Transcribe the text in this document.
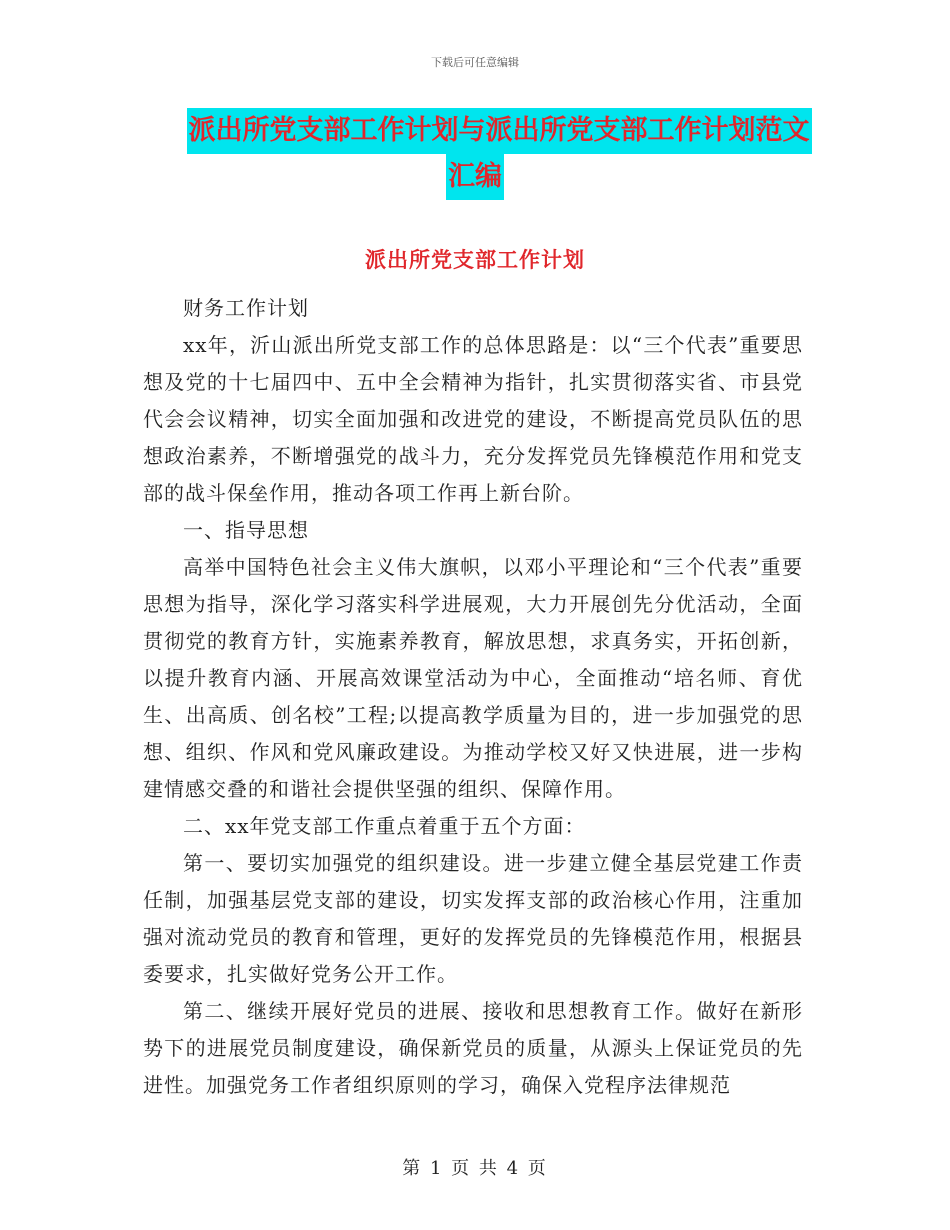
下载后可任意编辑
派出所党支部工作计划与派出所党支部工作计划范文
汇编
派出所党支部工作计划

财务工作计划

xx年，沂山派出所党支部工作的总体思路是：以“三个代表”重要思想及党的十七届四中、五中全会精神为指针，扎实贯彻落实省、市县党代会会议精神，切实全面加强和改进党的建设，不断提高党员队伍的思想政治素养，不断增强党的战斗力，充分发挥党员先锋模范作用和党支部的战斗保垒作用，推动各项工作再上新台阶。

一、指导思想

高举中国特色社会主义伟大旗帜，以邓小平理论和“三个代表”重要思想为指导，深化学习落实科学进展观，大力开展创先分优活动，全面贯彻党的教育方针，实施素养教育，解放思想，求真务实，开拓创新，以提升教育内涵、开展高效课堂活动为中心，全面推动“培名师、育优生、出高质、创名校”工程;以提高教学质量为目的，进一步加强党的思想、组织、作风和党风廉政建设。为推动学校又好又快进展，进一步构建情感交叠的和谐社会提供坚强的组织、保障作用。

二、xx年党支部工作重点着重于五个方面：

第一、要切实加强党的组织建设。进一步建立健全基层党建工作责任制，加强基层党支部的建设，切实发挥支部的政治核心作用，注重加强对流动党员的教育和管理，更好的发挥党员的先锋模范作用，根据县委要求，扎实做好党务公开工作。

第二、继续开展好党员的进展、接收和思想教育工作。做好在新形势下的进展党员制度建设，确保新党员的质量，从源头上保证党员的先进性。加强党务工作者组织原则的学习，确保入党程序法律规范

第 1 页 共 4 页
